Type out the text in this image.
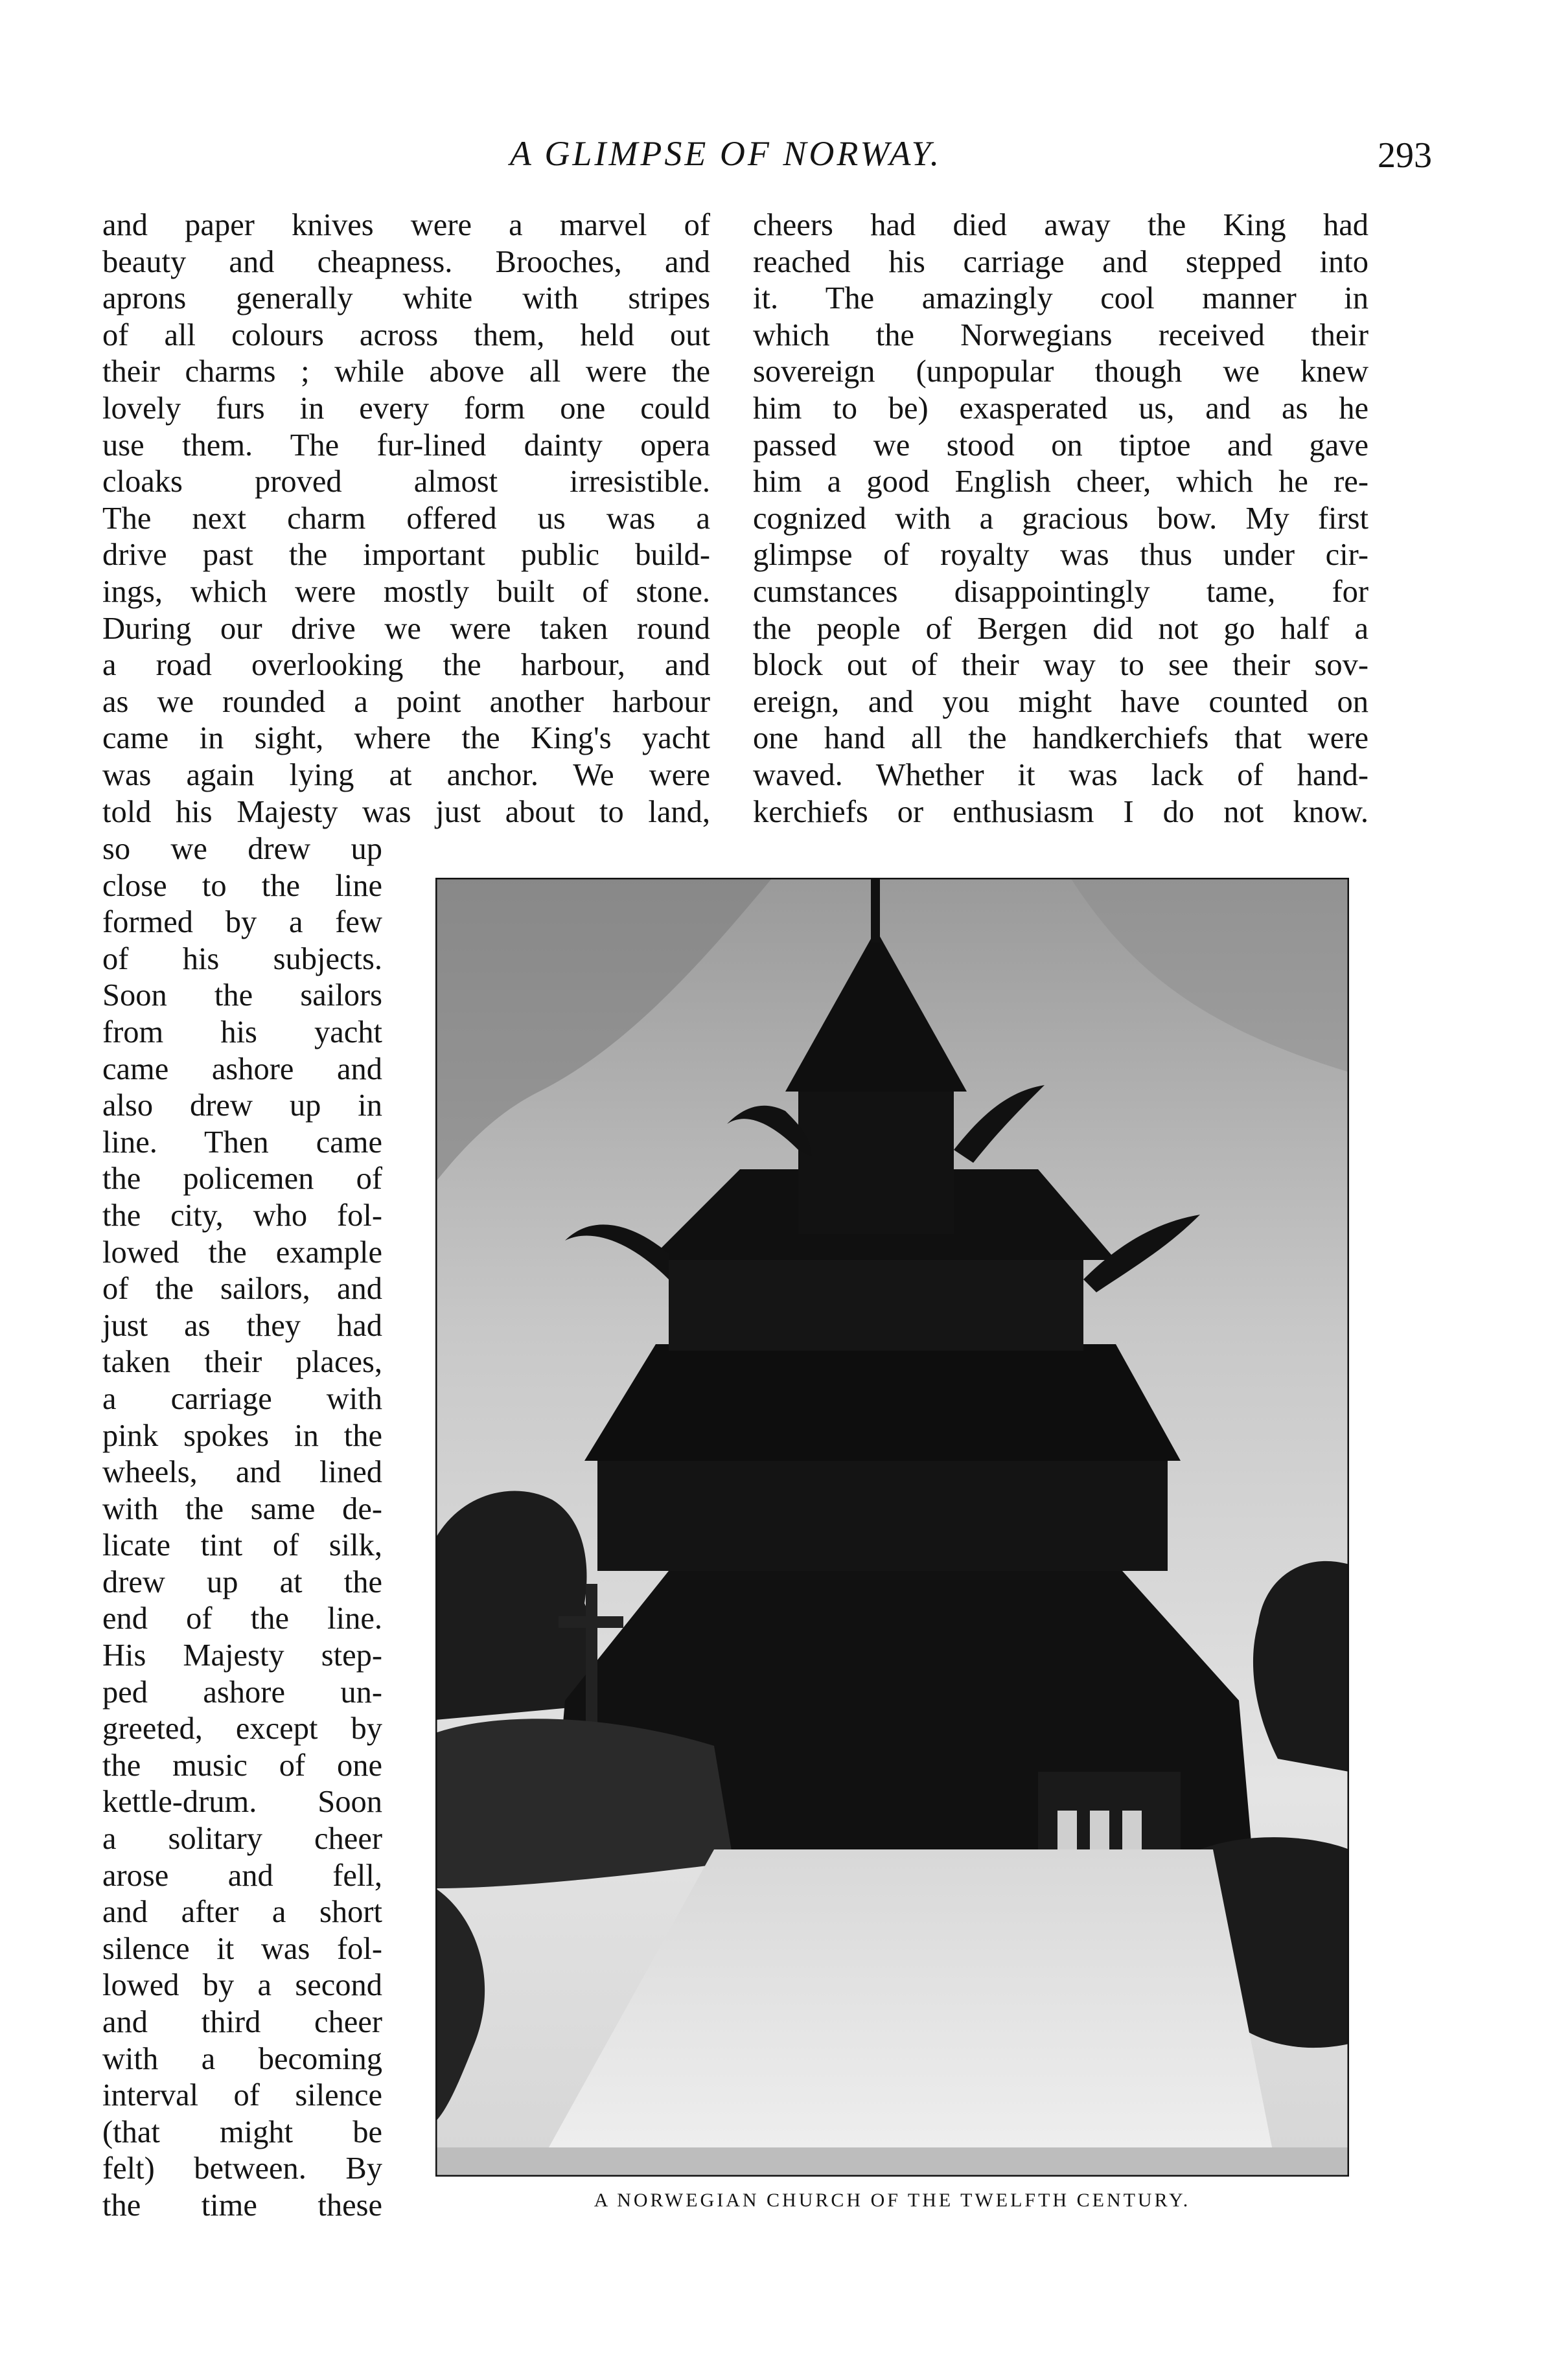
A GLIMPSE OF NORWAY.	293
and paper knives were a marvel of
beauty and cheapness. Brooches, and
aprons generally white with stripes
of all colours across them, held out
their charms ; while above all were the
lovely furs in every form one could
use them. The fur-lined dainty opera
cloaks proved almost irresistible.
The next charm offered us was a
drive past the important public build-
ings, which were mostly built of stone.
During our drive we were taken round
a road overlooking the harbour, and
as we rounded a point another harbour
came in sight, where the King's yacht
was again lying at anchor. We were
told his Majesty was just about to land,
so we drew up
close to the line
formed by a few
of his subjects.
Soon the sailors
from his yacht
came ashore and
also drew up in
line. Then came
the policemen of
the city, who fol-
lowed the example
of the sailors, and
just as they had
taken their places,
a carriage with
pink spokes in the
wheels, and lined
with the same de-
licate tint of silk,
drew up at the
end of the line.
His Majesty step-
ped ashore un-
greeted, except by
the music of one
kettle-drum. Soon
a solitary cheer
arose and fell,
and after a short
silence it was fol-
lowed by a second
and third cheer
with a becoming
interval of silence
(that might be
felt) between. By
the time these
cheers had died away the King had
reached his carriage and stepped into
it. The amazingly cool manner in
which the Norwegians received their
sovereign (unpopular though we knew
him to be) exasperated us, and as he
passed we stood on tiptoe and gave
him a good English cheer, which he re-
cognized with a gracious bow. My first
glimpse of royalty was thus under cir-
cumstances disappointingly tame, for
the people of Bergen did not go half a
block out of their way to see their sov-
ereign, and you might have counted on
one hand all the handkerchiefs that were
waved. Whether it was lack of hand-
kerchiefs or enthusiasm I do not know.
A NORWEGIAN CHURCH OF THE TWELFTH CENTURY.
